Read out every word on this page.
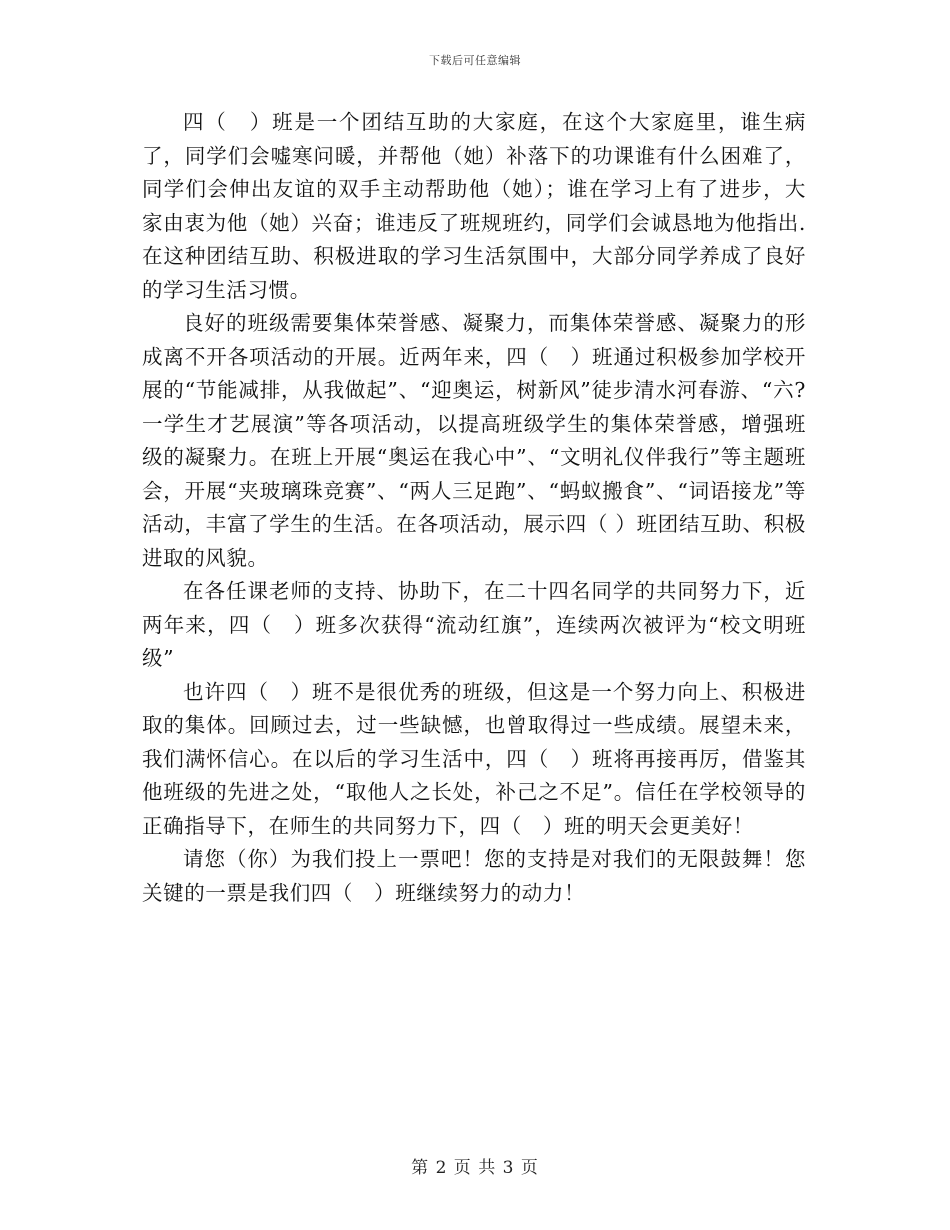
下载后可任意编辑

四（　）班是一个团结互助的大家庭，在这个大家庭里，谁生病了，同学们会嘘寒问暖，并帮他（她）补落下的功课谁有什么困难了，同学们会伸出友谊的双手主动帮助他（她）；谁在学习上有了进步，大家由衷为他（她）兴奋；谁违反了班规班约，同学们会诚恳地为他指出.在这种团结互助、积极进取的学习生活氛围中，大部分同学养成了良好的学习生活习惯。

良好的班级需要集体荣誉感、凝聚力，而集体荣誉感、凝聚力的形成离不开各项活动的开展。近两年来，四（　）班通过积极参加学校开展的“节能减排，从我做起”、“迎奥运，树新风”徒步清水河春游、“六?一学生才艺展演”等各项活动，以提高班级学生的集体荣誉感，增强班级的凝聚力。在班上开展“奥运在我心中”、“文明礼仪伴我行”等主题班会，开展“夹玻璃珠竞赛”、“两人三足跑”、“蚂蚁搬食”、“词语接龙”等活动，丰富了学生的生活。在各项活动，展示四（ ）班团结互助、积极进取的风貌。

在各任课老师的支持、协助下，在二十四名同学的共同努力下，近两年来，四（　）班多次获得“流动红旗”，连续两次被评为“校文明班级”

也许四（　）班不是很优秀的班级，但这是一个努力向上、积极进取的集体。回顾过去，过一些缺憾，也曾取得过一些成绩。展望未来，我们满怀信心。在以后的学习生活中，四（　）班将再接再厉，借鉴其他班级的先进之处，“取他人之长处，补己之不足”。信任在学校领导的正确指导下，在师生的共同努力下，四（　）班的明天会更美好！

请您（你）为我们投上一票吧！您的支持是对我们的无限鼓舞！您关键的一票是我们四（　）班继续努力的动力！

第 2 页 共 3 页
